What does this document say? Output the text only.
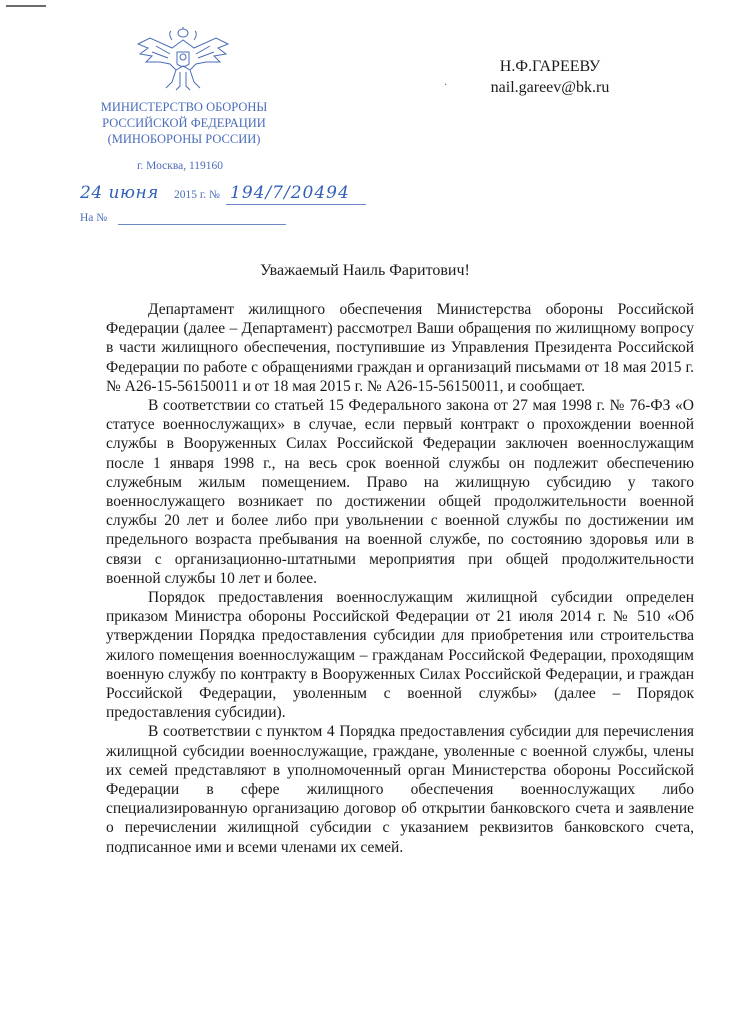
МИНИСТЕРСТВО ОБОРОНЫ
РОССИЙСКОЙ ФЕДЕРАЦИИ
(МИНОБОРОНЫ РОССИИ)
г. Москва, 119160
24 июня 2015 г. № 194/7/20494
На №
·
Н.Ф.ГАРЕЕВУ
nail.gareev@bk.ru
Уважаемый Наиль Фаритович!

Департамент жилищного обеспечения Министерства обороны Российской Федерации (далее – Департамент) рассмотрел Ваши обращения по жилищному вопросу в части жилищного обеспечения, поступившие из Управления Президента Российской Федерации по работе с обращениями граждан и организаций письмами от 18 мая 2015 г. № А26-15-56150011 и от 18 мая 2015 г. № А26-15-56150011, и сообщает.

В соответствии со статьей 15 Федерального закона от 27 мая 1998 г. № 76-ФЗ «О статусе военнослужащих» в случае, если первый контракт о прохождении военной службы в Вооруженных Силах Российской Федерации заключен военнослужащим после 1 января 1998 г., на весь срок военной службы он подлежит обеспечению служебным жилым помещением. Право на жилищную субсидию у такого военнослужащего возникает по достижении общей продолжительности военной службы 20 лет и более либо при увольнении с военной службы по достижении им предельного возраста пребывания на военной службе, по состоянию здоровья или в связи с организационно-штатными мероприятия при общей продолжительности военной службы 10 лет и более.

Порядок предоставления военнослужащим жилищной субсидии определен приказом Министра обороны Российской Федерации от 21 июля 2014 г. № 510 «Об утверждении Порядка предоставления субсидии для приобретения или строительства жилого помещения военнослужащим – гражданам Российской Федерации, проходящим военную службу по контракту в Вооруженных Силах Российской Федерации, и граждан Российской Федерации, уволенным с военной службы» (далее – Порядок предоставления субсидии).

В соответствии с пунктом 4 Порядка предоставления субсидии для перечисления жилищной субсидии военнослужащие, граждане, уволенные с военной службы, члены их семей представляют в уполномоченный орган Министерства обороны Российской Федерации в сфере жилищного обеспечения военнослужащих либо специализированную организацию договор об открытии банковского счета и заявление о перечислении жилищной субсидии с указанием реквизитов банковского счета, подписанное ими и всеми членами их семей.
